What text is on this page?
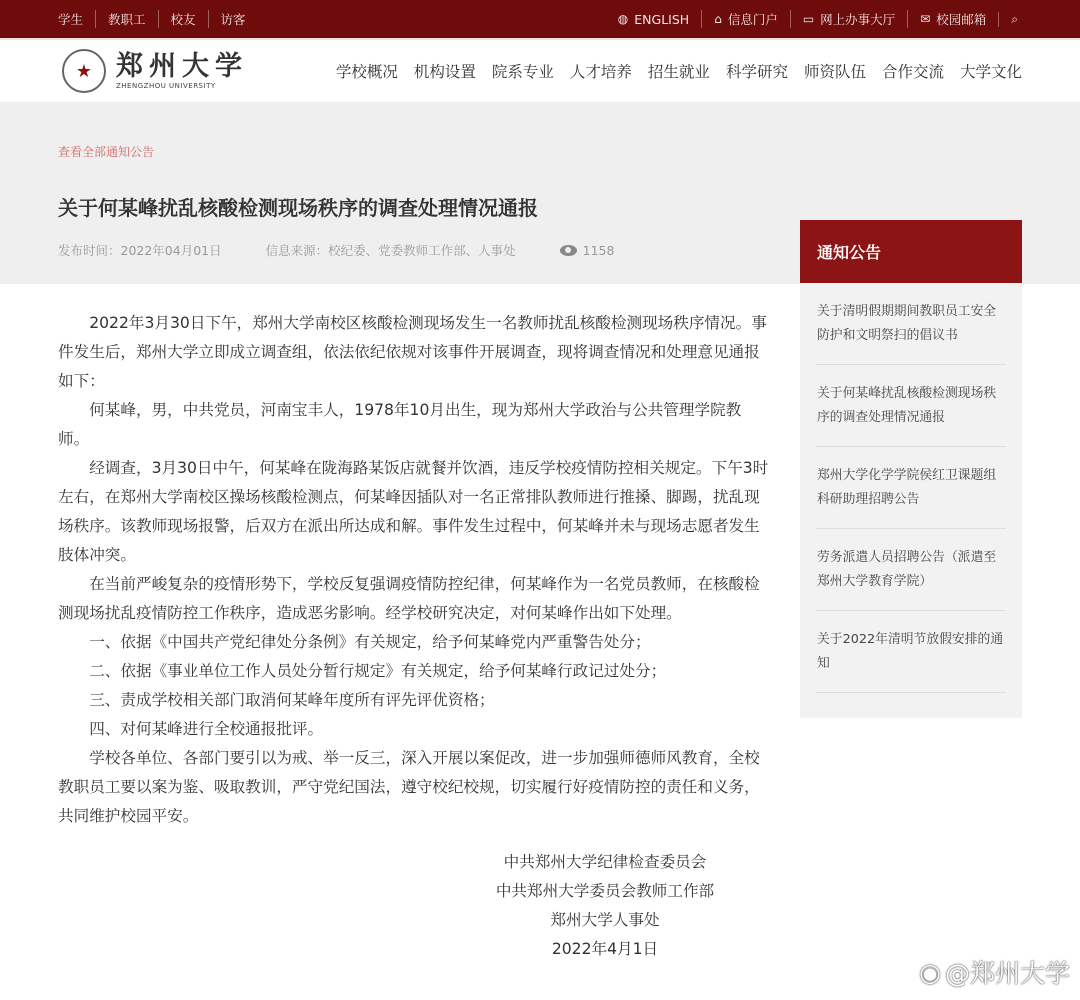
学生	教职工	校友	访客	◍ ENGLISH ⌂ 信息门户 ▭ 网上办事大厅 ✉ 校园邮箱 ⌕
★ 郑州大学
ZHENGZHOU UNIVERSITY
学校概况 机构设置 院系专业 人才培养 招生就业 科学研究 师资队伍 合作交流 大学文化
查看全部通知公告
关于何某峰扰乱核酸检测现场秩序的调查处理情况通报
发布时间：2022年04月01日	信息来源：校纪委、党委教师工作部、人事处	1158

2022年3月30日下午，郑州大学南校区核酸检测现场发生一名教师扰乱核酸检测现场秩序情况。事件发生后，郑州大学立即成立调查组，依法依纪依规对该事件开展调查，现将调查情况和处理意见通报如下：

何某峰，男，中共党员，河南宝丰人，1978年10月出生，现为郑州大学政治与公共管理学院教师。

经调查，3月30日中午，何某峰在陇海路某饭店就餐并饮酒，违反学校疫情防控相关规定。下午3时左右，在郑州大学南校区操场核酸检测点，何某峰因插队对一名正常排队教师进行推搡、脚踢，扰乱现场秩序。该教师现场报警，后双方在派出所达成和解。事件发生过程中，何某峰并未与现场志愿者发生肢体冲突。

在当前严峻复杂的疫情形势下，学校反复强调疫情防控纪律，何某峰作为一名党员教师，在核酸检测现场扰乱疫情防控工作秩序，造成恶劣影响。经学校研究决定，对何某峰作出如下处理。

一、依据《中国共产党纪律处分条例》有关规定，给予何某峰党内严重警告处分；

二、依据《事业单位工作人员处分暂行规定》有关规定，给予何某峰行政记过处分；

三、责成学校相关部门取消何某峰年度所有评先评优资格；

四、对何某峰进行全校通报批评。

学校各单位、各部门要引以为戒、举一反三，深入开展以案促改，进一步加强师德师风教育，全校教职员工要以案为鉴、吸取教训，严守党纪国法，遵守校纪校规，切实履行好疫情防控的责任和义务，共同维护校园平安。

中共郑州大学纪律检查委员会
中共郑州大学委员会教师工作部
郑州大学人事处
2022年4月1日
通知公告
关于清明假期期间教职员工安全防护和文明祭扫的倡议书
关于何某峰扰乱核酸检测现场秩序的调查处理情况通报
郑州大学化学学院侯红卫课题组科研助理招聘公告
劳务派遣人员招聘公告（派遣至郑州大学教育学院）
关于2022年清明节放假安排的通知
◉ @郑州大学
